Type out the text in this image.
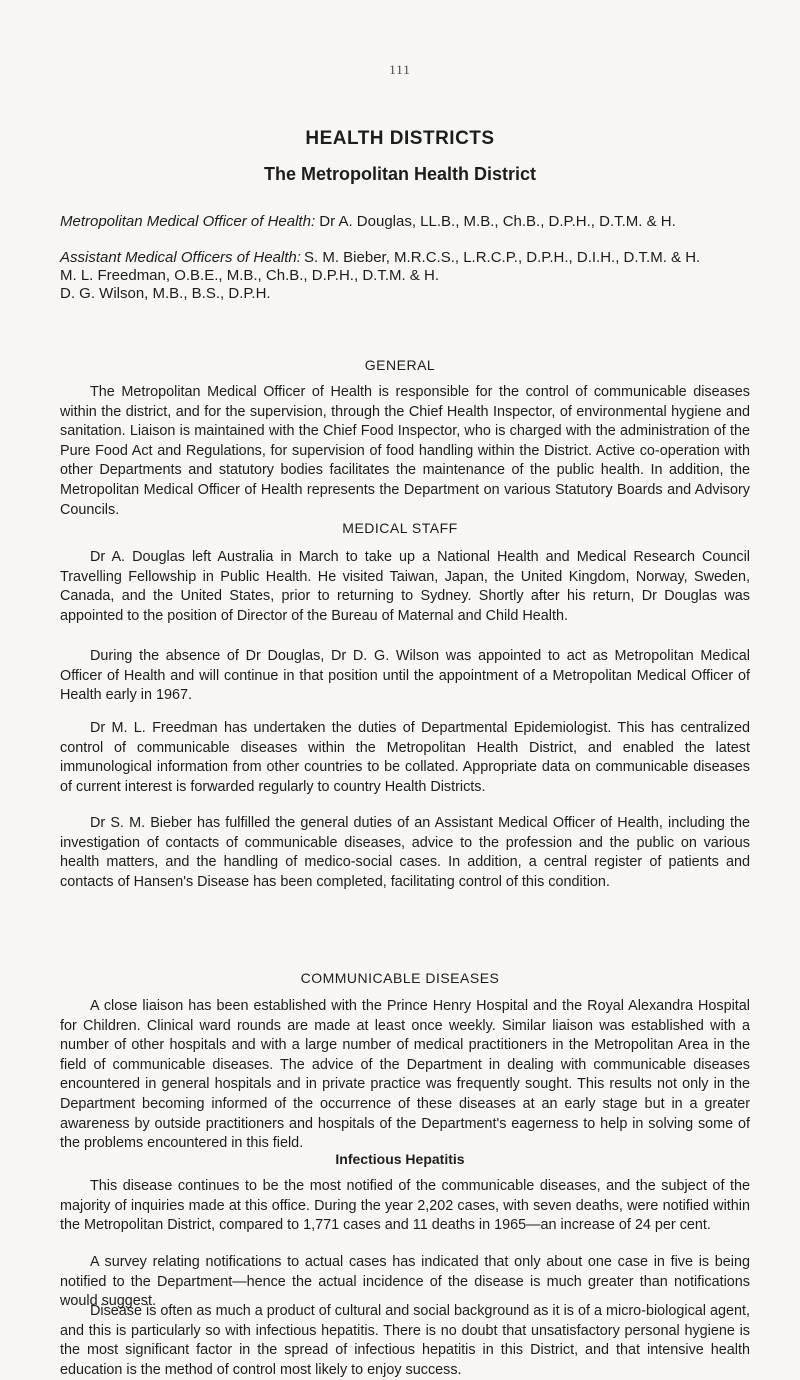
111
HEALTH DISTRICTS
The Metropolitan Health District
Metropolitan Medical Officer of Health: Dr A. Douglas, LL.B., M.B., Ch.B., D.P.H., D.T.M. & H.
Assistant Medical Officers of Health: S. M. Bieber, M.R.C.S., L.R.C.P., D.P.H., D.I.H., D.T.M. & H.
M. L. Freedman, O.B.E., M.B., Ch.B., D.P.H., D.T.M. & H.
D. G. Wilson, M.B., B.S., D.P.H.
GENERAL

The Metropolitan Medical Officer of Health is responsible for the control of communicable diseases within the district, and for the supervision, through the Chief Health Inspector, of environmental hygiene and sanitation. Liaison is maintained with the Chief Food Inspector, who is charged with the administration of the Pure Food Act and Regulations, for supervision of food handling within the District. Active co-operation with other Departments and statutory bodies facilitates the maintenance of the public health. In addition, the Metropolitan Medical Officer of Health represents the Department on various Statutory Boards and Advisory Councils.

MEDICAL STAFF

Dr A. Douglas left Australia in March to take up a National Health and Medical Research Council Travelling Fellowship in Public Health. He visited Taiwan, Japan, the United Kingdom, Norway, Sweden, Canada, and the United States, prior to returning to Sydney. Shortly after his return, Dr Douglas was appointed to the position of Director of the Bureau of Maternal and Child Health.

During the absence of Dr Douglas, Dr D. G. Wilson was appointed to act as Metropolitan Medical Officer of Health and will continue in that position until the appointment of a Metropolitan Medical Officer of Health early in 1967.

Dr M. L. Freedman has undertaken the duties of Departmental Epidemiologist. This has centralized control of communicable diseases within the Metropolitan Health District, and enabled the latest immunological information from other countries to be collated. Appropriate data on communicable diseases of current interest is forwarded regularly to country Health Districts.

Dr S. M. Bieber has fulfilled the general duties of an Assistant Medical Officer of Health, including the investigation of contacts of communicable diseases, advice to the profession and the public on various health matters, and the handling of medico-social cases. In addition, a central register of patients and contacts of Hansen's Disease has been completed, facilitating control of this condition.

COMMUNICABLE DISEASES

A close liaison has been established with the Prince Henry Hospital and the Royal Alexandra Hospital for Children. Clinical ward rounds are made at least once weekly. Similar liaison was established with a number of other hospitals and with a large number of medical practitioners in the Metropolitan Area in the field of communicable diseases. The advice of the Department in dealing with communicable diseases encountered in general hospitals and in private practice was frequently sought. This results not only in the Department becoming informed of the occurrence of these diseases at an early stage but in a greater awareness by outside practitioners and hospitals of the Department's eagerness to help in solving some of the problems encountered in this field.

Infectious Hepatitis

This disease continues to be the most notified of the communicable diseases, and the subject of the majority of inquiries made at this office. During the year 2,202 cases, with seven deaths, were notified within the Metropolitan District, compared to 1,771 cases and 11 deaths in 1965—an increase of 24 per cent.

A survey relating notifications to actual cases has indicated that only about one case in five is being notified to the Department—hence the actual incidence of the disease is much greater than notifications would suggest.

Disease is often as much a product of cultural and social background as it is of a micro-biological agent, and this is particularly so with infectious hepatitis. There is no doubt that unsatisfactory personal hygiene is the most significant factor in the spread of infectious hepatitis in this District, and that intensive health education is the method of control most likely to enjoy success.
